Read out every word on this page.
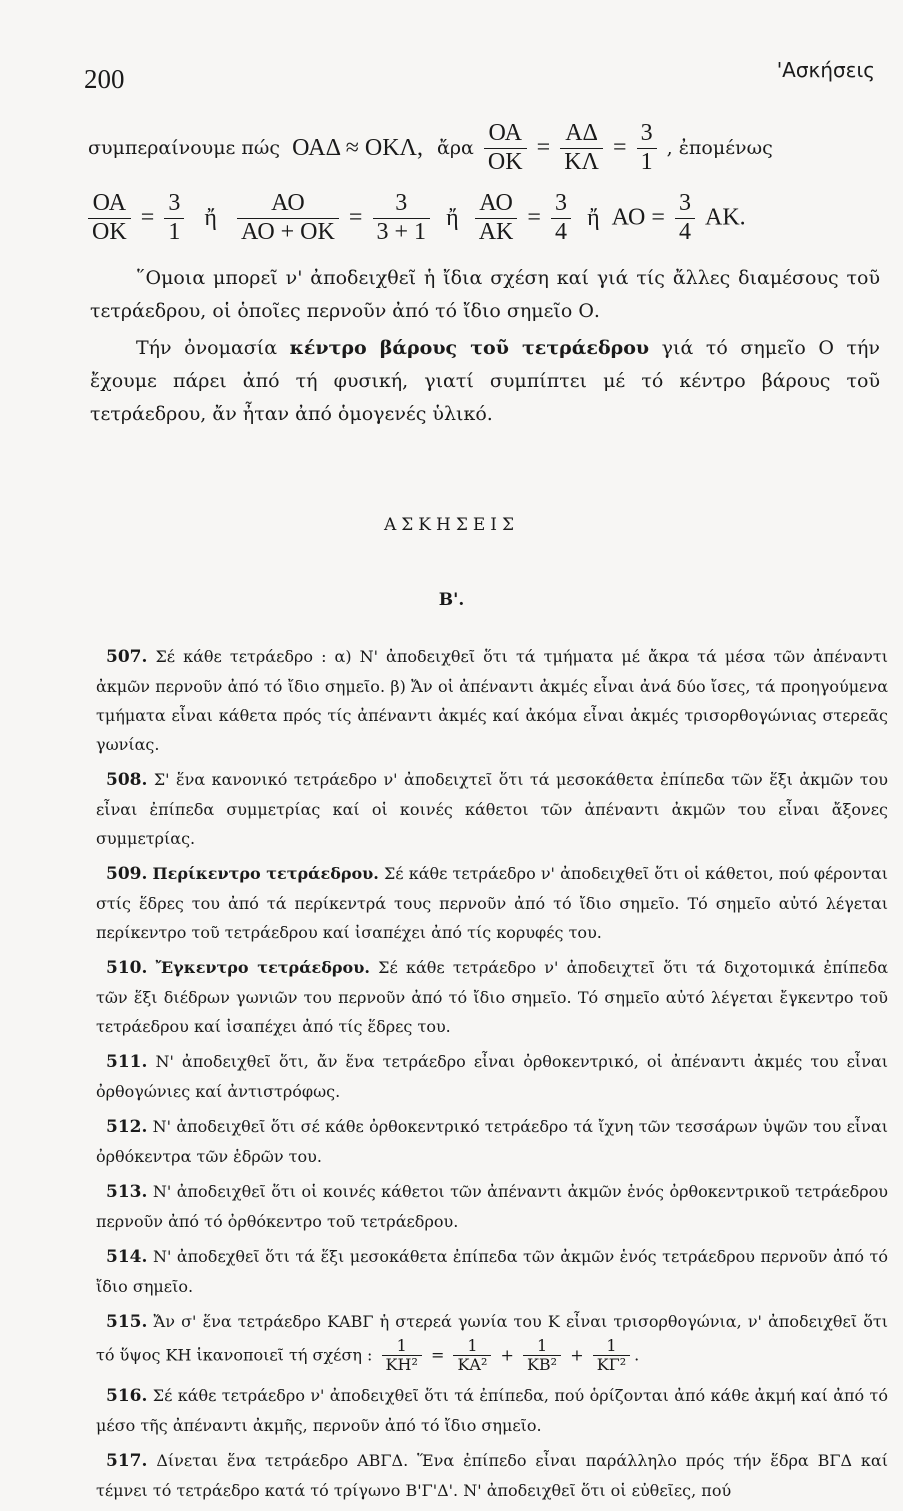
200	'Ασκήσεις
συμπεραίνουμε πώς ΟΑΔ ≈ ΟΚΛ, ἄρα $\frac{OA}{OK} = \frac{A\Delta}{K\Lambda} = \frac{3}{1}$ , ἐπομένως
$\frac{OA}{OK} = \frac{3}{1}$ ἤ $\frac{AO}{AO + OK} = \frac{3}{3 + 1}$ ἤ $\frac{AO}{AK} = \frac{3}{4}$ ἤ $AO = \frac{3}{4} AK$.

῞Ομοια μπορεῖ ν' ἀποδειχθεῖ ἡ ἴδια σχέση καί γιά τίς ἄλλες διαμέσους τοῦ τετράεδρου, οἱ ὁποῖες περνοῦν ἀπό τό ἴδιο σημεῖο Ο.

Τήν ὀνομασία κέντρο βάρους τοῦ τετράεδρου γιά τό σημεῖο Ο τήν ἔχουμε πάρει ἀπό τή φυσική, γιατί συμπίπτει μέ τό κέντρο βάρους τοῦ τετράεδρου, ἄν ἦταν ἀπό ὁμογενές ὑλικό.

ΑΣΚΗΣΕΙΣ
Β'.

507. Σέ κάθε τετράεδρο : α) Ν' ἀποδειχθεῖ ὅτι τά τμήματα μέ ἄκρα τά μέσα τῶν ἀπέναντι ἀκμῶν περνοῦν ἀπό τό ἴδιο σημεῖο. β) Ἄν οἱ ἀπέναντι ἀκμές εἶναι ἀνά δύο ἴσες, τά προηγούμενα τμήματα εἶναι κάθετα πρός τίς ἀπέναντι ἀκμές καί ἀκόμα εἶναι ἀκμές τρισορθογώνιας στερεᾶς γωνίας.

508. Σ' ἕνα κανονικό τετράεδρο ν' ἀποδειχτεῖ ὅτι τά μεσοκάθετα ἐπίπεδα τῶν ἕξι ἀκμῶν του εἶναι ἐπίπεδα συμμετρίας καί οἱ κοινές κάθετοι τῶν ἀπέναντι ἀκμῶν του εἶναι ἄξονες συμμετρίας.

509. Περίκεντρο τετράεδρου. Σέ κάθε τετράεδρο ν' ἀποδειχθεῖ ὅτι οἱ κάθετοι, πού φέρονται στίς ἕδρες του ἀπό τά περίκεντρά τους περνοῦν ἀπό τό ἴδιο σημεῖο. Τό σημεῖο αὐτό λέγεται περίκεντρο τοῦ τετράεδρου καί ἰσαπέχει ἀπό τίς κορυφές του.

510. Ἔγκεντρο τετράεδρου. Σέ κάθε τετράεδρο ν' ἀποδειχτεῖ ὅτι τά διχοτομικά ἐπίπεδα τῶν ἕξι διέδρων γωνιῶν του περνοῦν ἀπό τό ἴδιο σημεῖο. Τό σημεῖο αὐτό λέγεται ἔγκεντρο τοῦ τετράεδρου καί ἰσαπέχει ἀπό τίς ἕδρες του.

511. Ν' ἀποδειχθεῖ ὅτι, ἄν ἕνα τετράεδρο εἶναι ὀρθοκεντρικό, οἱ ἀπέναντι ἀκμές του εἶναι ὀρθογώνιες καί ἀντιστρόφως.

512. Ν' ἀποδειχθεῖ ὅτι σέ κάθε ὀρθοκεντρικό τετράεδρο τά ἴχνη τῶν τεσσάρων ὑψῶν του εἶναι ὀρθόκεντρα τῶν ἑδρῶν του.

513. Ν' ἀποδειχθεῖ ὅτι οἱ κοινές κάθετοι τῶν ἀπέναντι ἀκμῶν ἑνός ὀρθοκεντρικοῦ τετράεδρου περνοῦν ἀπό τό ὀρθόκεντρο τοῦ τετράεδρου.

514. Ν' ἀποδεχθεῖ ὅτι τά ἕξι μεσοκάθετα ἐπίπεδα τῶν ἀκμῶν ἑνός τετράεδρου περνοῦν ἀπό τό ἴδιο σημεῖο.

515. Ἄν σ' ἕνα τετράεδρο ΚΑΒΓ ἡ στερεά γωνία του Κ εἶναι τρισορθογώνια, ν' ἀποδειχθεῖ ὅτι τό ὕψος ΚΗ ἱκανοποιεῖ τή σχέση : $\frac{1}{\text{ΚΗ²}} = \frac{1}{\text{ΚΑ²}} + \frac{1}{\text{ΚΒ²}} + \frac{1}{\text{ΚΓ²}}$ .

516. Σέ κάθε τετράεδρο ν' ἀποδειχθεῖ ὅτι τά ἐπίπεδα, πού ὁρίζονται ἀπό κάθε ἀκμή καί ἀπό τό μέσο τῆς ἀπέναντι ἀκμῆς, περνοῦν ἀπό τό ἴδιο σημεῖο.

517. Δίνεται ἕνα τετράεδρο ΑΒΓΔ. Ἕνα ἐπίπεδο εἶναι παράλληλο πρός τήν ἕδρα ΒΓΔ καί τέμνει τό τετράεδρο κατά τό τρίγωνο Β'Γ'Δ'. Ν' ἀποδειχθεῖ ὅτι οἱ εὐθεῖες, πού
